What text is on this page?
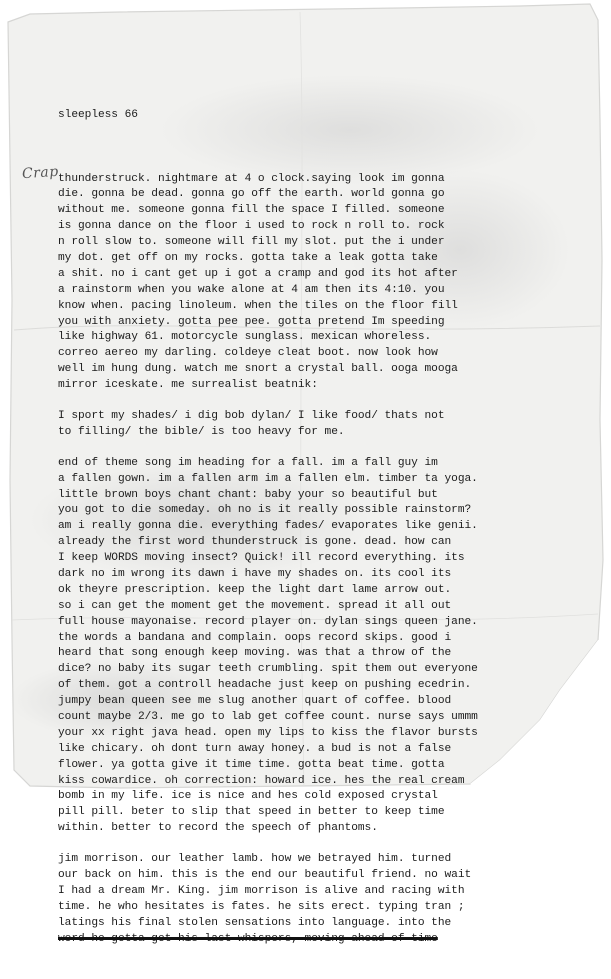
Crap

sleepless 66

thunderstruck. nightmare at 4 o clock.saying look im gonna
die. gonna be dead. gonna go off the earth. world gonna go
without me. someone gonna fill the space I filled. someone
is gonna dance on the floor i used to rock n roll to. rock
n roll slow to. someone will fill my slot. put the i under
my dot. get off on my rocks. gotta take a leak gotta take
a shit. no i cant get up i got a cramp and god its hot after
a rainstorm when you wake alone at 4 am then its 4:10. you
know when. pacing linoleum. when the tiles on the floor fill
you with anxiety. gotta pee pee. gotta pretend Im speeding
like highway 61. motorcycle sunglass. mexican whoreless.
correo aereo my darling. coldeye cleat boot. now look how
well im hung dung. watch me snort a crystal ball. ooga mooga
mirror iceskate. me surrealist beatnik:
I sport my shades/ i dig bob dylan/ I like food/ thats not
to filling/ the bible/ is too heavy for me.
end of theme song im heading for a fall. im a fall guy im
a fallen gown. im a fallen arm im a fallen elm. timber ta yoga.
little brown boys chant chant: baby your so beautiful but
you got to die someday. oh no is it really possible rainstorm?
am i really gonna die. everything fades/ evaporates like genii.
already the first word thunderstruck is gone. dead. how can
I keep WORDS moving insect? Quick! ill record everything. its
dark no im wrong its dawn i have my shades on. its cool its
ok theyre prescription. keep the light dart lame arrow out.
so i can get the moment get the movement. spread it all out
full house mayonaise. record player on. dylan sings queen jane.
the words a bandana and complain. oops record skips. good i
heard that song enough keep moving. was that a throw of the
dice? no baby its sugar teeth crumbling. spit them out everyone
of them. got a controll headache just keep on pushing ecedrin.
jumpy bean queen see me slug another quart of coffee. blood
count maybe 2/3. me go to lab get coffee count. nurse says ummm
your xx right java head. open my lips to kiss the flavor bursts
like chicary. oh dont turn away honey. a bud is not a false
flower. ya gotta give it time time. gotta beat time. gotta
kiss cowardice. oh correction: howard ice. hes the real cream
bomb in my life. ice is nice and hes cold exposed crystal
pill pill. beter to slip that speed in better to keep time
within. better to record the speech of phantoms.
jim morrison. our leather lamb. how we betrayed him. turned
our back on him. this is the end our beautiful friend. no wait
I had a dream Mr. King. jim morrison is alive and racing with
time. he who hesitates is fates. he sits erect. typing tran ;
latings his final stolen sensations into language. into the
word he gotta get his last whispers, moving ahead of time
